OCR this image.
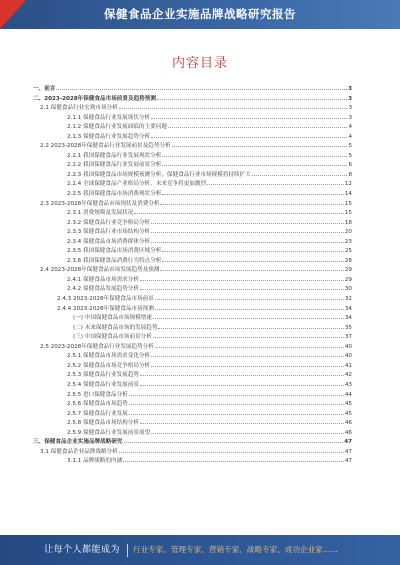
保健食品企业实施品牌战略研究报告
内容目录
一、前言	3
二、2023-2028年保健食品市场前景及趋势预测	3
2.1 保健食品行业宏观市场分析	3
2.1.1 保健食品行业发展现状分析	3
2.1.2 保健食品行业发展面临的主要问题	4
2.1.3 保健食品行业发展趋势分析	4
2.2 2023-2028年保健食品行业发展前景及趋势分析	5
2.2.1 我国保健食品行业发展现状分析	5
2.2.2 我国保健食品行业发展前景分析	6
2.2.3 我国保健食品市场规模预测分析，保健食品行业市场规模将持续扩大	8
2.2.4 全球保健食品产业格局分析，未来竞争将更加激烈	12
2.2.5 我国保健食品市场消费现状分析	14
2.3 2023-2028年保健食品市场现状及消费分析	15
2.3.1 消费规模及发展状况	15
2.3.2 保健食品行业竞争格局分析	18
2.3.3 保健食品行业市场结构分析	20
2.3.4 保健食品市场消费群体分析	23
2.3.5 我国保健食品市场消费区域分析	25
2.3.6 我国保健食品消费行为特点分析	28
2.4 2023-2028年保健食品市场发展趋势及预测	29
2.4.1 保健食品市场需求分析	29
2.4.2 保健食品发展趋势分析	30
2.4.3 2023-2028年保健食品市场前景	32
2.4.4 2023-2028年保健食品市场预测	34
(一) 中国保健食品市场规模增速	34
(二) 未来保健食品市场的发展趋势	35
(三) 中国保健食品市场前景分析	37
2.5 2023-2028年保健食品行业发展趋势分析	40
2.5.1 保健食品市场需求变化分析	40
2.5.2 保健食品市场竞争格局分析	41
2.5.3 保健食品行业发展趋势	42
2.5.4 保健食品行业发展前景	43
2.5.5 进口保健食品分析	44
2.5.6 保健食品市场趋势	45
2.5.7 保健食品行业发展	45
2.5.8 保健食品市场结构分析	46
2.5.9 保健食品行业发展前景展望	46
三、保健食品企业实施品牌战略研究	47
3.1 保健食品企业品牌战略分析	47
3.1.1 品牌战略的内涵	47
让每个人都能成为 行业专家、管理专家、营销专家、战略专家、成功企业家……
